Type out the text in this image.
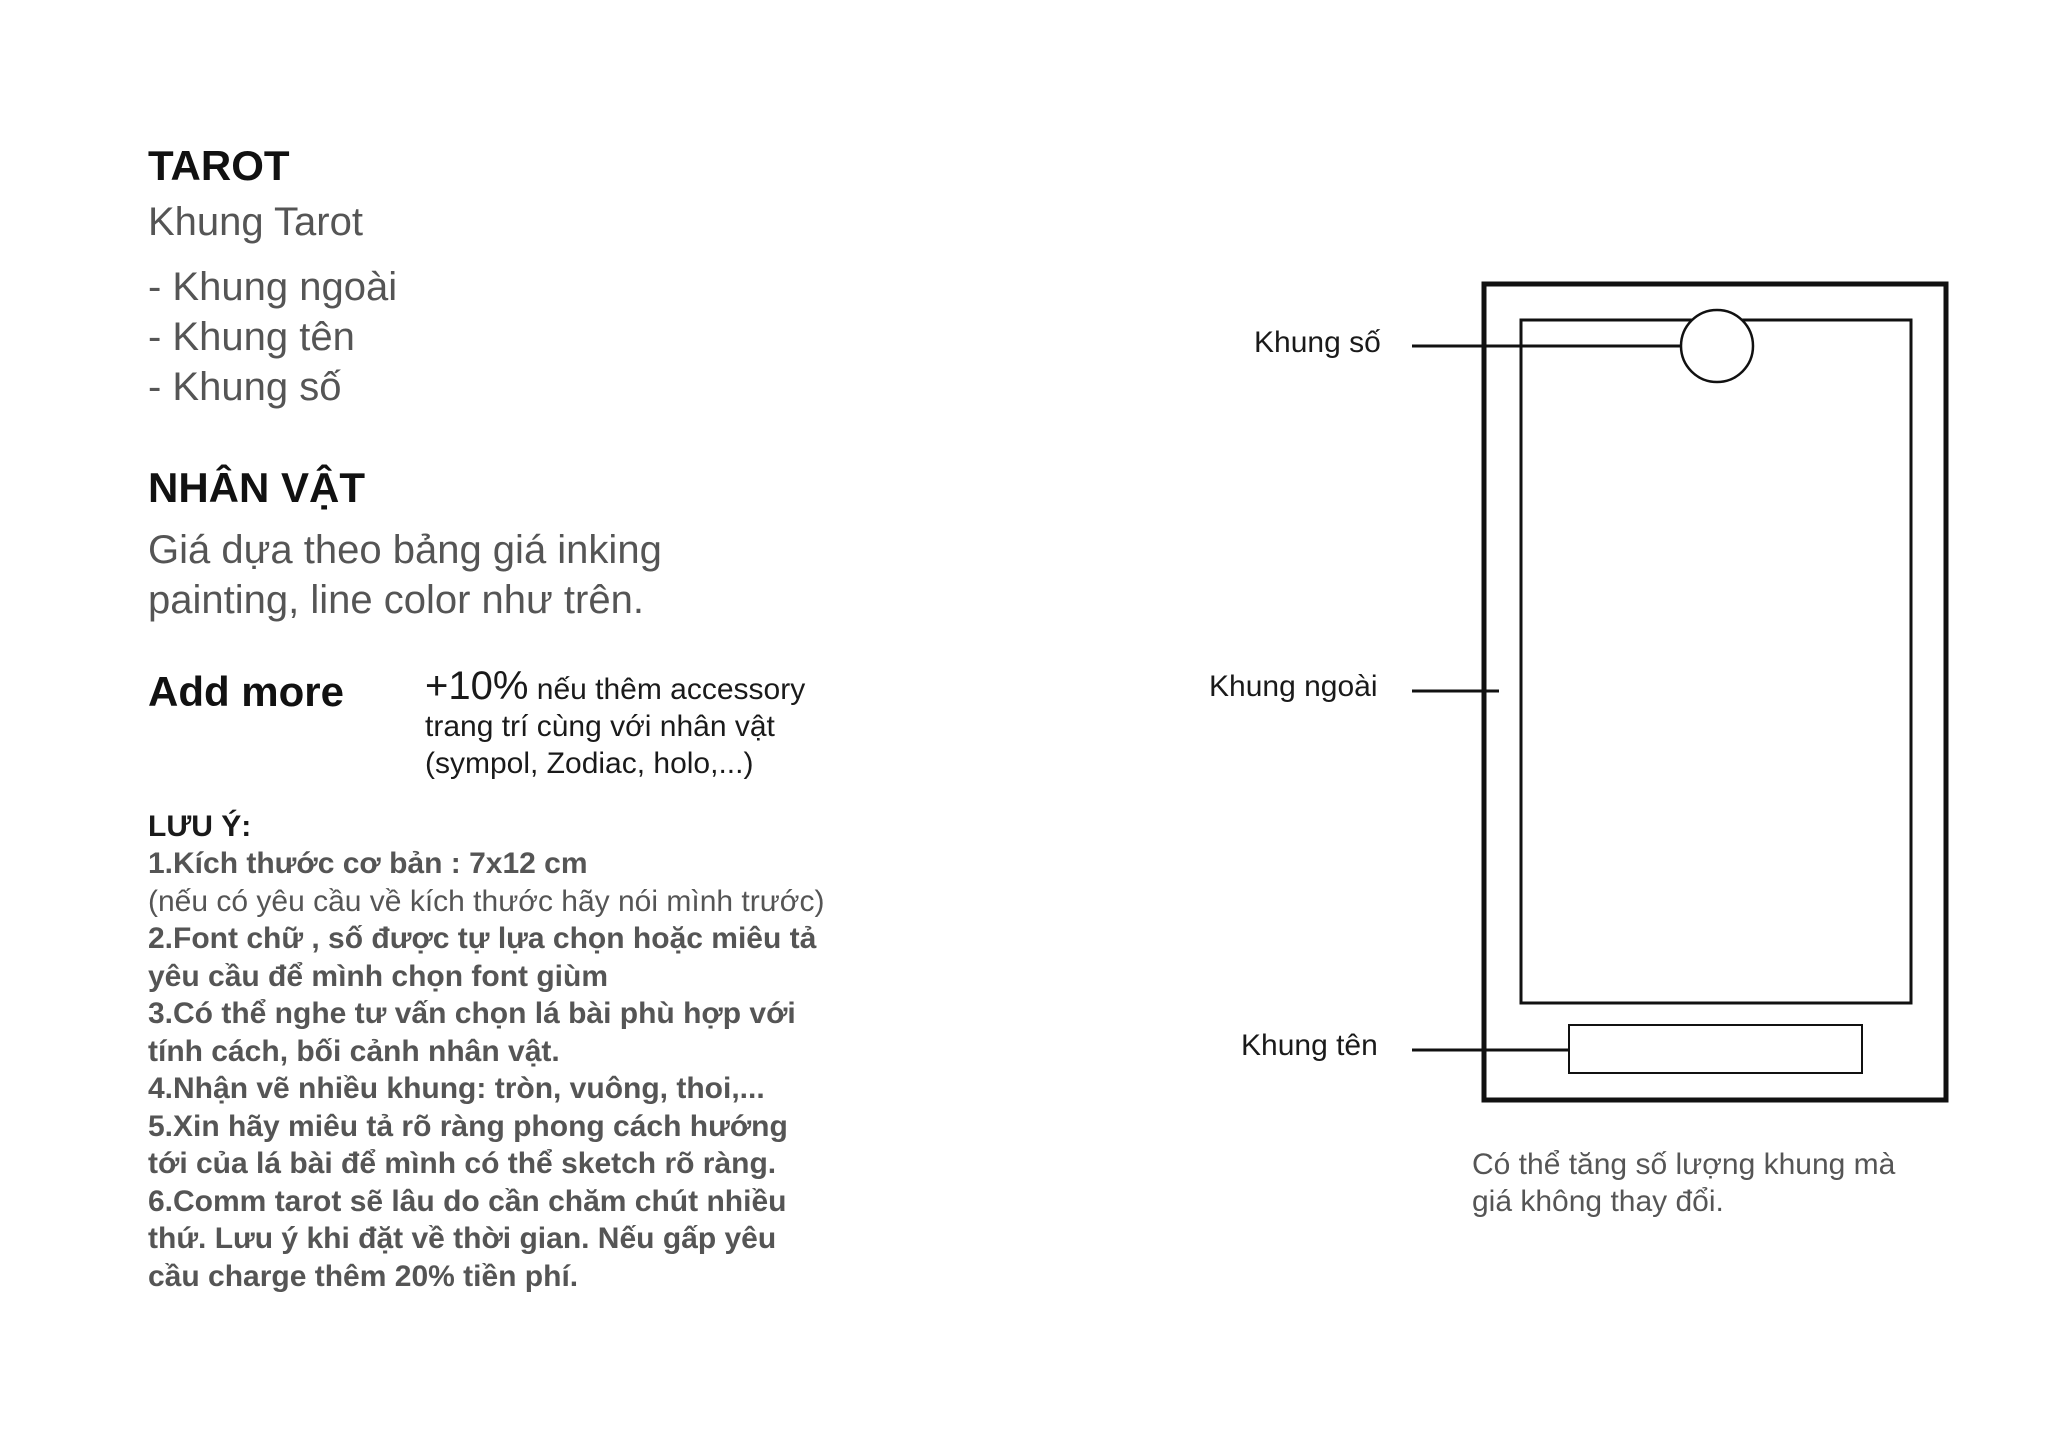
TAROT
Khung Tarot
- Khung ngoài
- Khung tên
- Khung số
NHÂN VẬT
Giá dựa theo bảng giá inking
painting, line color như trên.
Add more +10% nếu thêm accessory
trang trí cùng với nhân vật
(sympol, Zodiac, holo,...)
LƯU Ý:
1.Kích thước cơ bản : 7x12 cm
(nếu có yêu cầu về kích thước hãy nói mình trước)
2.Font chữ , số được tự lựa chọn hoặc miêu tả
yêu cầu để mình chọn font giùm
3.Có thể nghe tư vấn chọn lá bài phù hợp với
tính cách, bối cảnh nhân vật.
4.Nhận vẽ nhiều khung: tròn, vuông, thoi,...
5.Xin hãy miêu tả rõ ràng phong cách hướng
tới của lá bài để mình có thể sketch rõ ràng.
6.Comm tarot sẽ lâu do cần chăm chút nhiều
thứ. Lưu ý khi đặt về thời gian. Nếu gấp yêu
cầu charge thêm 20% tiền phí.
Khung số
Khung ngoài
Khung tên
Có thể tăng số lượng khung mà
giá không thay đổi.
